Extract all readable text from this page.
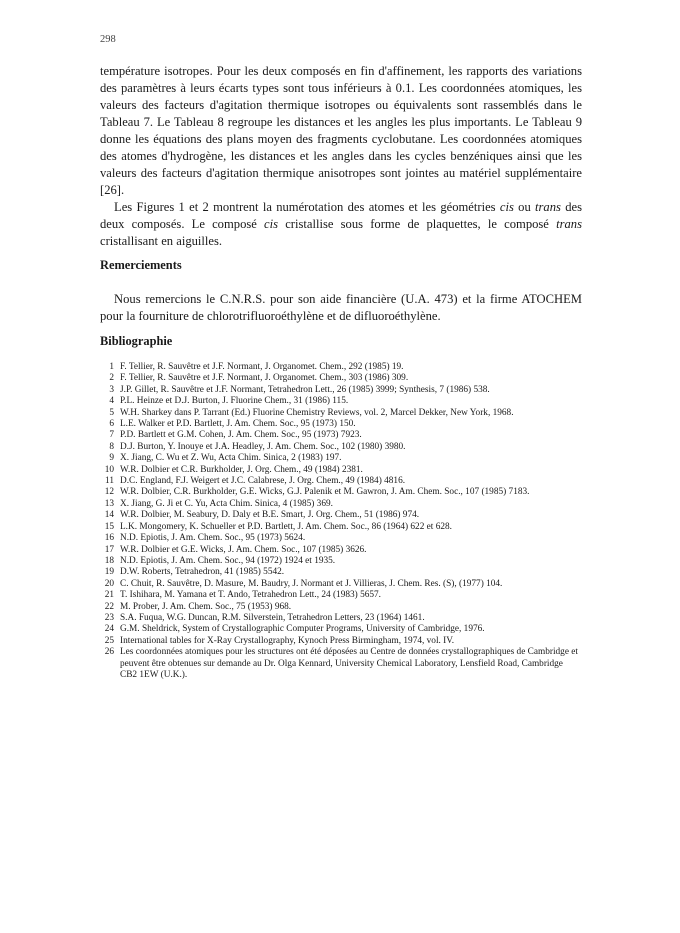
298

température isotropes. Pour les deux composés en fin d'affinement, les rapports des variations des paramètres à leurs écarts types sont tous inférieurs à 0.1. Les coordonnées atomiques, les valeurs des facteurs d'agitation thermique isotropes ou équivalents sont rassemblés dans le Tableau 7. Le Tableau 8 regroupe les distances et les angles les plus importants. Le Tableau 9 donne les équations des plans moyen des fragments cyclobutane. Les coordonnées atomiques des atomes d'hydrogène, les distances et les angles dans les cycles benzéniques ainsi que les valeurs des facteurs d'agitation thermique anisotropes sont jointes au matériel supplémentaire [26].

Les Figures 1 et 2 montrent la numérotation des atomes et les géométries cis ou trans des deux composés. Le composé cis cristallise sous forme de plaquettes, le composé trans cristallisant en aiguilles.

Remerciements

Nous remercions le C.N.R.S. pour son aide financière (U.A. 473) et la firme ATOCHEM pour la fourniture de chlorotrifluoroéthylène et de difluoroéthylène.

Bibliographie
1 F. Tellier, R. Sauvêtre et J.F. Normant, J. Organomet. Chem., 292 (1985) 19.
2 F. Tellier, R. Sauvêtre et J.F. Normant, J. Organomet. Chem., 303 (1986) 309.
3 J.P. Gillet, R. Sauvêtre et J.F. Normant, Tetrahedron Lett., 26 (1985) 3999; Synthesis, 7 (1986) 538.
4 P.L. Heinze et D.J. Burton, J. Fluorine Chem., 31 (1986) 115.
5 W.H. Sharkey dans P. Tarrant (Ed.) Fluorine Chemistry Reviews, vol. 2, Marcel Dekker, New York, 1968.
6 L.E. Walker et P.D. Bartlett, J. Am. Chem. Soc., 95 (1973) 150.
7 P.D. Bartlett et G.M. Cohen, J. Am. Chem. Soc., 95 (1973) 7923.
8 D.J. Burton, Y. Inouye et J.A. Headley, J. Am. Chem. Soc., 102 (1980) 3980.
9 X. Jiang, C. Wu et Z. Wu, Acta Chim. Sinica, 2 (1983) 197.
10 W.R. Dolbier et C.R. Burkholder, J. Org. Chem., 49 (1984) 2381.
11 D.C. England, F.J. Weigert et J.C. Calabrese, J. Org. Chem., 49 (1984) 4816.
12 W.R. Dolbier, C.R. Burkholder, G.E. Wicks, G.J. Palenik et M. Gawron, J. Am. Chem. Soc., 107 (1985) 7183.
13 X. Jiang, G. Ji et C. Yu, Acta Chim. Sinica, 4 (1985) 369.
14 W.R. Dolbier, M. Seabury, D. Daly et B.E. Smart, J. Org. Chem., 51 (1986) 974.
15 L.K. Mongomery, K. Schueller et P.D. Bartlett, J. Am. Chem. Soc., 86 (1964) 622 et 628.
16 N.D. Epiotis, J. Am. Chem. Soc., 95 (1973) 5624.
17 W.R. Dolbier et G.E. Wicks, J. Am. Chem. Soc., 107 (1985) 3626.
18 N.D. Epiotis, J. Am. Chem. Soc., 94 (1972) 1924 et 1935.
19 D.W. Roberts, Tetrahedron, 41 (1985) 5542.
20 C. Chuit, R. Sauvêtre, D. Masure, M. Baudry, J. Normant et J. Villieras, J. Chem. Res. (S), (1977) 104.
21 T. Ishihara, M. Yamana et T. Ando, Tetrahedron Lett., 24 (1983) 5657.
22 M. Prober, J. Am. Chem. Soc., 75 (1953) 968.
23 S.A. Fuqua, W.G. Duncan, R.M. Silverstein, Tetrahedron Letters, 23 (1964) 1461.
24 G.M. Sheldrick, System of Crystallographic Computer Programs, University of Cambridge, 1976.
25 International tables for X-Ray Crystallography, Kynoch Press Birmingham, 1974, vol. IV.
26 Les coordonnées atomiques pour les structures ont été déposées au Centre de données crystallographiques de Cambridge et peuvent être obtenues sur demande au Dr. Olga Kennard, University Chemical Laboratory, Lensfield Road, Cambridge CB2 1EW (U.K.).
